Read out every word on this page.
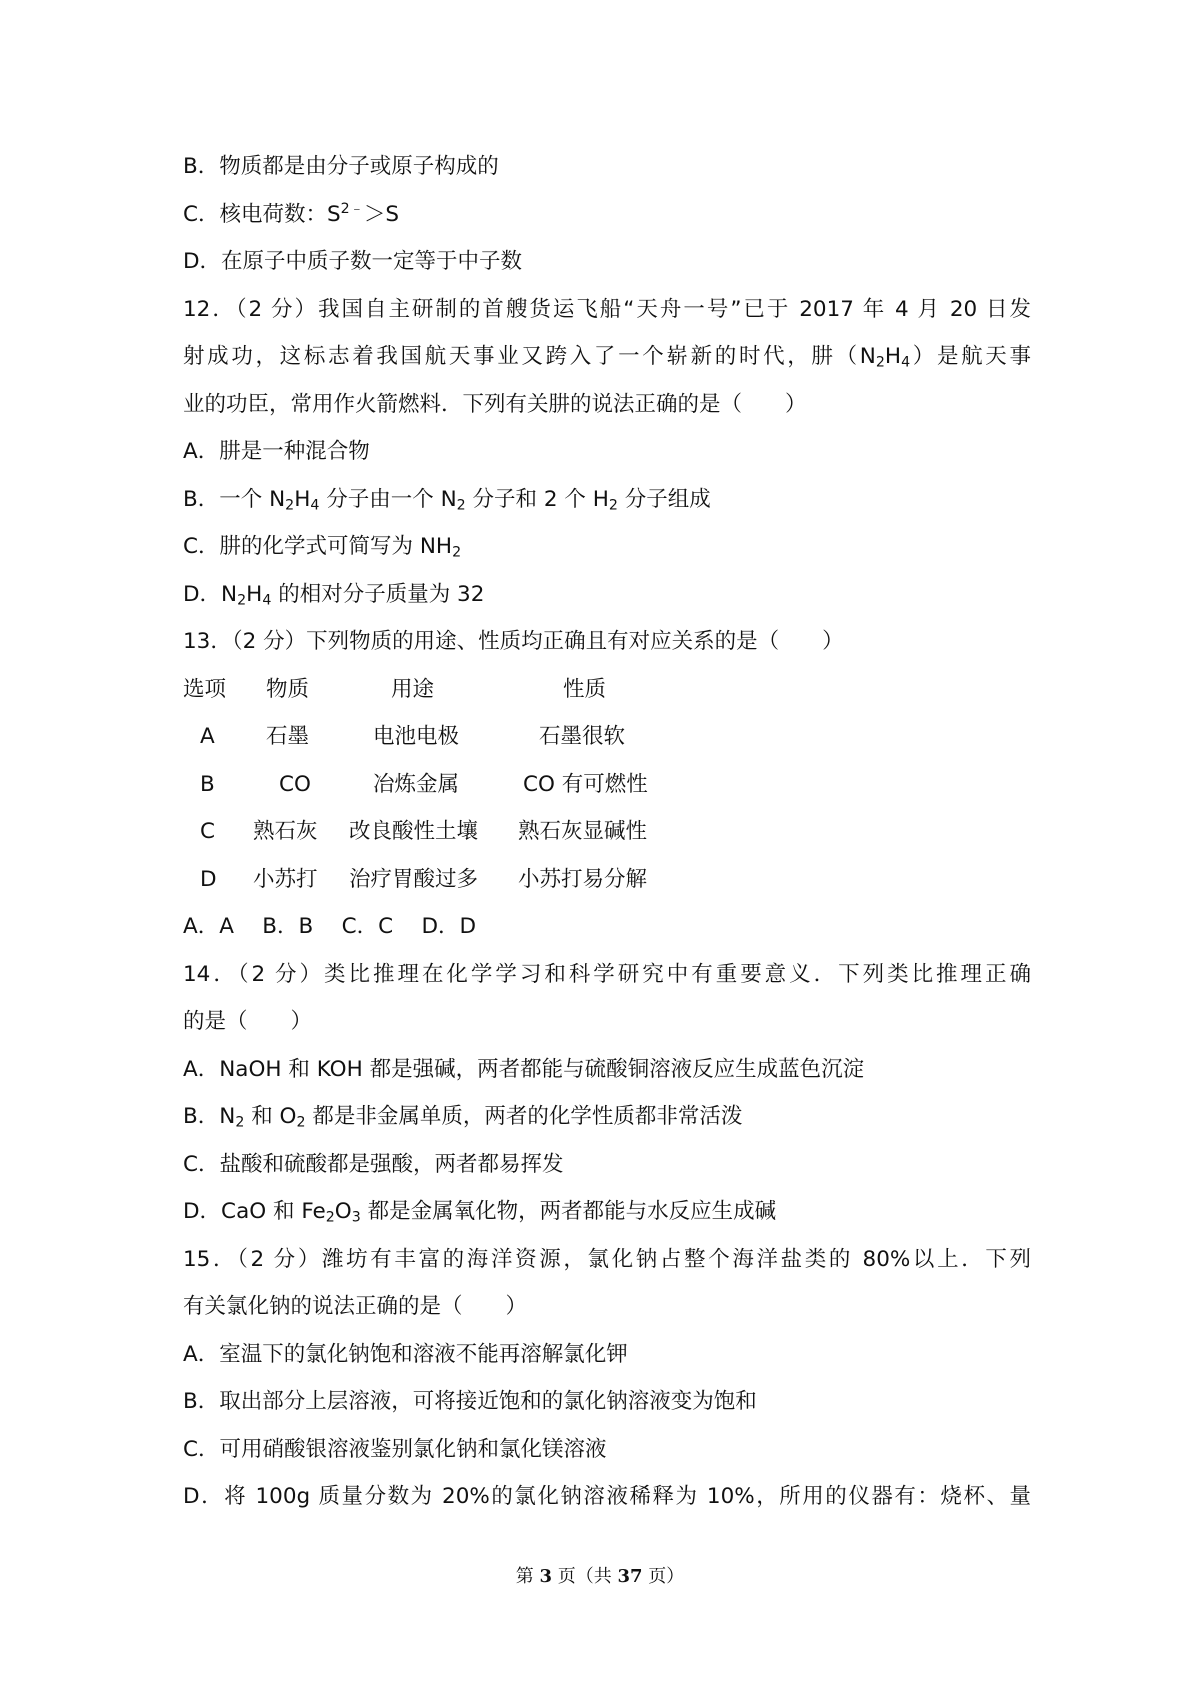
B．物质都是由分子或原子构成的
C．核电荷数：$S^{2﹣}>S$
D．在原子中质子数一定等于中子数
12．（2 分）我国自主研制的首艘货运飞船“天舟一号”已于 2017 年 4 月 20 日发
射成功，这标志着我国航天事业又跨入了一个崭新的时代，肼$(N_2H_4)$是航天事
业的功臣，常用作火箭燃料．下列有关肼的说法正确的是（　　）
A．肼是一种混合物
B．一个 $N_2H_4$ 分子由一个 $N_2$ 分子和 2 个 $H_2$ 分子组成
C．肼的化学式可简写为 $NH_2$
D．$N_2H_4$ 的相对分子质量为 32
13．（2 分）下列物质的用途、性质均正确且有对应关系的是（　　）
选项 物质	用途	性质
A 石墨	电池电极	石墨很软
B	CO	冶炼金属	CO 有可燃性
C 熟石灰 改良酸性土壤 熟石灰显碱性
D 小苏打 治疗胃酸过多 小苏打易分解
A．A　 B．B　 C．C　 D．D
14．（2 分）类比推理在化学学习和科学研究中有重要意义．下列类比推理正确
的是（　　）
A．NaOH 和 KOH 都是强碱，两者都能与硫酸铜溶液反应生成蓝色沉淀
B．$N_2$ 和 $O_2$ 都是非金属单质，两者的化学性质都非常活泼
C．盐酸和硫酸都是强酸，两者都易挥发
D．CaO 和 $Fe_2O_3$ 都是金属氧化物，两者都能与水反应生成碱
15．（2 分）潍坊有丰富的海洋资源，氯化钠占整个海洋盐类的 80%以上．下列
有关氯化钠的说法正确的是（　　）
A．室温下的氯化钠饱和溶液不能再溶解氯化钾
B．取出部分上层溶液，可将接近饱和的氯化钠溶液变为饱和
C．可用硝酸银溶液鉴别氯化钠和氯化镁溶液
D．将 100g 质量分数为 20%的氯化钠溶液稀释为 10%，所用的仪器有：烧杯、量
第 3 页（共 37 页）
